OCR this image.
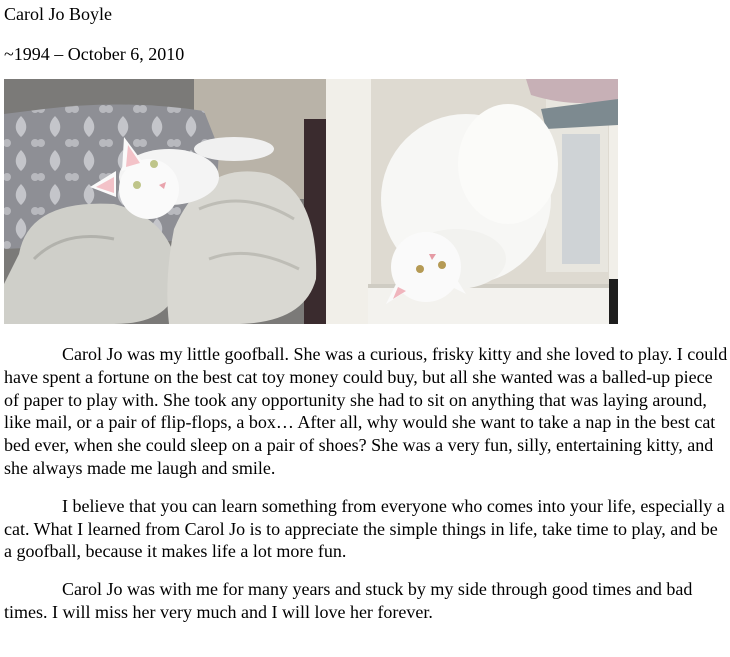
Carol Jo Boyle
~1994 – October 6, 2010

Carol Jo was my little goofball. She was a curious, frisky kitty and she loved to play. I could have spent a fortune on the best cat toy money could buy, but all she wanted was a balled-up piece of paper to play with. She took any opportunity she had to sit on anything that was laying around, like mail, or a pair of flip-flops, a box… After all, why would she want to take a nap in the best cat bed ever, when she could sleep on a pair of shoes? She was a very fun, silly, entertaining kitty, and she always made me laugh and smile.

I believe that you can learn something from everyone who comes into your life, especially a cat. What I learned from Carol Jo is to appreciate the simple things in life, take time to play, and be a goofball, because it makes life a lot more fun.

Carol Jo was with me for many years and stuck by my side through good times and bad times. I will miss her very much and I will love her forever.
